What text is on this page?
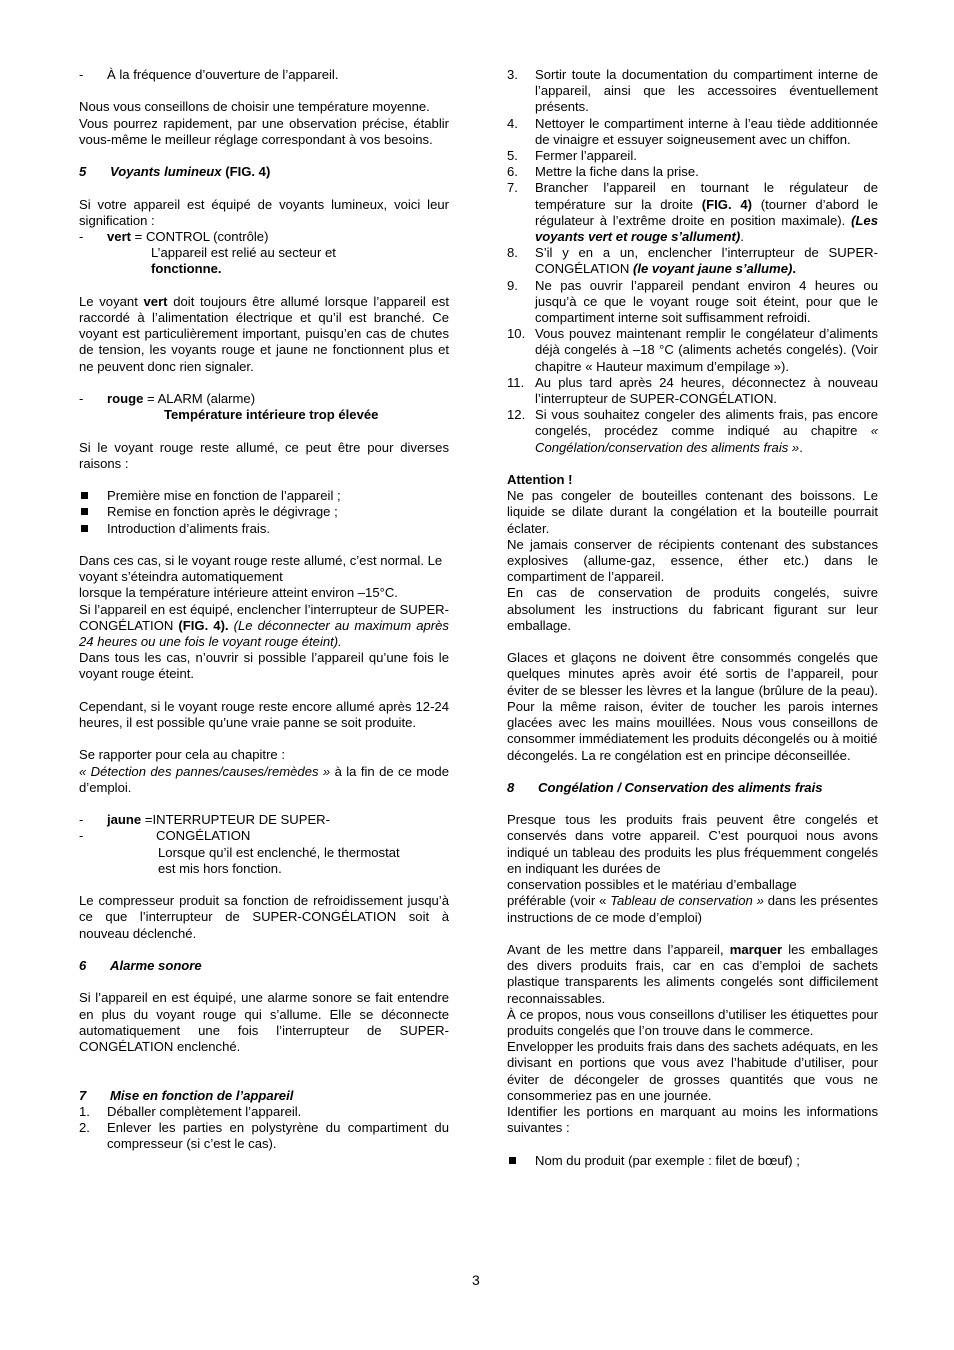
-	À la fréquence d’ouverture de l’appareil.

Nous vous conseillons de choisir une température moyenne.

Vous pourrez rapidement, par une observation précise, établir vous-même le meilleur réglage correspondant à vos besoins.

5 Voyants lumineux (FIG. 4)

Si votre appareil est équipé de voyants lumineux, voici leur signification :

-	vert = CONTROL (contrôle)
L’appareil est relié au secteur et
fonctionne.

Le voyant vert doit toujours être allumé lorsque l’appareil est raccordé à l’alimentation électrique et qu’il est branché. Ce voyant est particulièrement important, puisqu’en cas de chutes de tension, les voyants rouge et jaune ne fonctionnent plus et ne peuvent donc rien signaler.

-	rouge = ALARM (alarme)
Température intérieure trop élevée

Si le voyant rouge reste allumé, ce peut être pour diverses raisons :

Première mise en fonction de l’appareil ;
Remise en fonction après le dégivrage ;
Introduction d’aliments frais.

Dans ces cas, si le voyant rouge reste allumé, c’est normal. Le voyant s’éteindra automatiquement

lorsque la température intérieure atteint environ –15°C.

Si l’appareil en est équipé, enclencher l’interrupteur de SUPER-CONGÉLATION (FIG. 4). (Le déconnecter au maximum après 24 heures ou une fois le voyant rouge éteint).

Dans tous les cas, n’ouvrir si possible l’appareil qu’une fois le voyant rouge éteint.

Cependant, si le voyant rouge reste encore allumé après 12-24 heures, il est possible qu’une vraie panne se soit produite.

Se rapporter pour cela au chapitre :

« Détection des pannes/causes/remèdes » à la fin de ce mode d’emploi.

-	jaune =INTERRUPTEUR DE SUPER-
-	CONGÉLATION
Lorsque qu’il est enclenché, le thermostat
est mis hors fonction.

Le compresseur produit sa fonction de refroidissement jusqu’à ce que l’interrupteur de SUPER-CONGÉLATION soit à nouveau déclenché.

6 Alarme sonore

Si l’appareil en est équipé, une alarme sonore se fait entendre en plus du voyant rouge qui s’allume. Elle se déconnecte automatiquement une fois l’interrupteur de SUPER-CONGÉLATION enclenché.

7 Mise en fonction de l’appareil
1.	Déballer complètement l’appareil.
2.	Enlever les parties en polystyrène du compartiment du compresseur (si c’est le cas).
3.	Sortir toute la documentation du compartiment interne de l’appareil, ainsi que les accessoires éventuellement présents.
4.	Nettoyer le compartiment interne à l’eau tiède additionnée de vinaigre et essuyer soigneusement avec un chiffon.
5.	Fermer l’appareil.
6.	Mettre la fiche dans la prise.
7.	Brancher l’appareil en tournant le régulateur de température sur la droite (FIG. 4) (tourner d’abord le régulateur à l’extrême droite en position maximale). (Les voyants vert et rouge s’allument).
8.	S’il y en a un, enclencher l’interrupteur de SUPER-CONGÉLATION (le voyant jaune s’allume).
9.	Ne pas ouvrir l’appareil pendant environ 4 heures ou jusqu’à ce que le voyant rouge soit éteint, pour que le compartiment interne soit suffisamment refroidi.
10. Vous pouvez maintenant remplir le congélateur d’aliments déjà congelés à –18 °C (aliments achetés congelés). (Voir chapitre « Hauteur maximum d’empilage »).
11. Au plus tard après 24 heures, déconnectez à nouveau l’interrupteur de SUPER-CONGÉLATION.
12. Si vous souhaitez congeler des aliments frais, pas encore congelés, procédez comme indiqué au chapitre « Congélation/conservation des aliments frais ».
Attention !

Ne pas congeler de bouteilles contenant des boissons. Le liquide se dilate durant la congélation et la bouteille pourrait éclater.

Ne jamais conserver de récipients contenant des substances explosives (allume-gaz, essence, éther etc.) dans le compartiment de l’appareil.

En cas de conservation de produits congelés, suivre absolument les instructions du fabricant figurant sur leur emballage.

Glaces et glaçons ne doivent être consommés congelés que quelques minutes après avoir été sortis de l’appareil, pour éviter de se blesser les lèvres et la langue (brûlure de la peau). Pour la même raison, éviter de toucher les parois internes glacées avec les mains mouillées. Nous vous conseillons de consommer immédiatement les produits décongelés ou à moitié

décongelés. La re congélation est en principe déconseillée.

8 Congélation / Conservation des aliments frais

Presque tous les produits frais peuvent être congelés et conservés dans votre appareil. C’est pourquoi nous avons indiqué un tableau des produits les plus fréquemment congelés en indiquant les durées de

conservation possibles et le matériau d’emballage

préférable (voir « Tableau de conservation » dans les présentes instructions de ce mode d’emploi)

Avant de les mettre dans l’appareil, marquer les emballages des divers produits frais, car en cas d’emploi de sachets plastique transparents les aliments congelés sont difficilement reconnaissables.

À ce propos, nous vous conseillons d’utiliser les étiquettes pour produits congelés que l’on trouve dans le commerce.

Envelopper les produits frais dans des sachets adéquats, en les divisant en portions que vous avez l’habitude d’utiliser, pour éviter de décongeler de grosses quantités que vous ne consommeriez pas en une journée.

Identifier les portions en marquant au moins les informations suivantes :

Nom du produit (par exemple : filet de bœuf) ;
3
